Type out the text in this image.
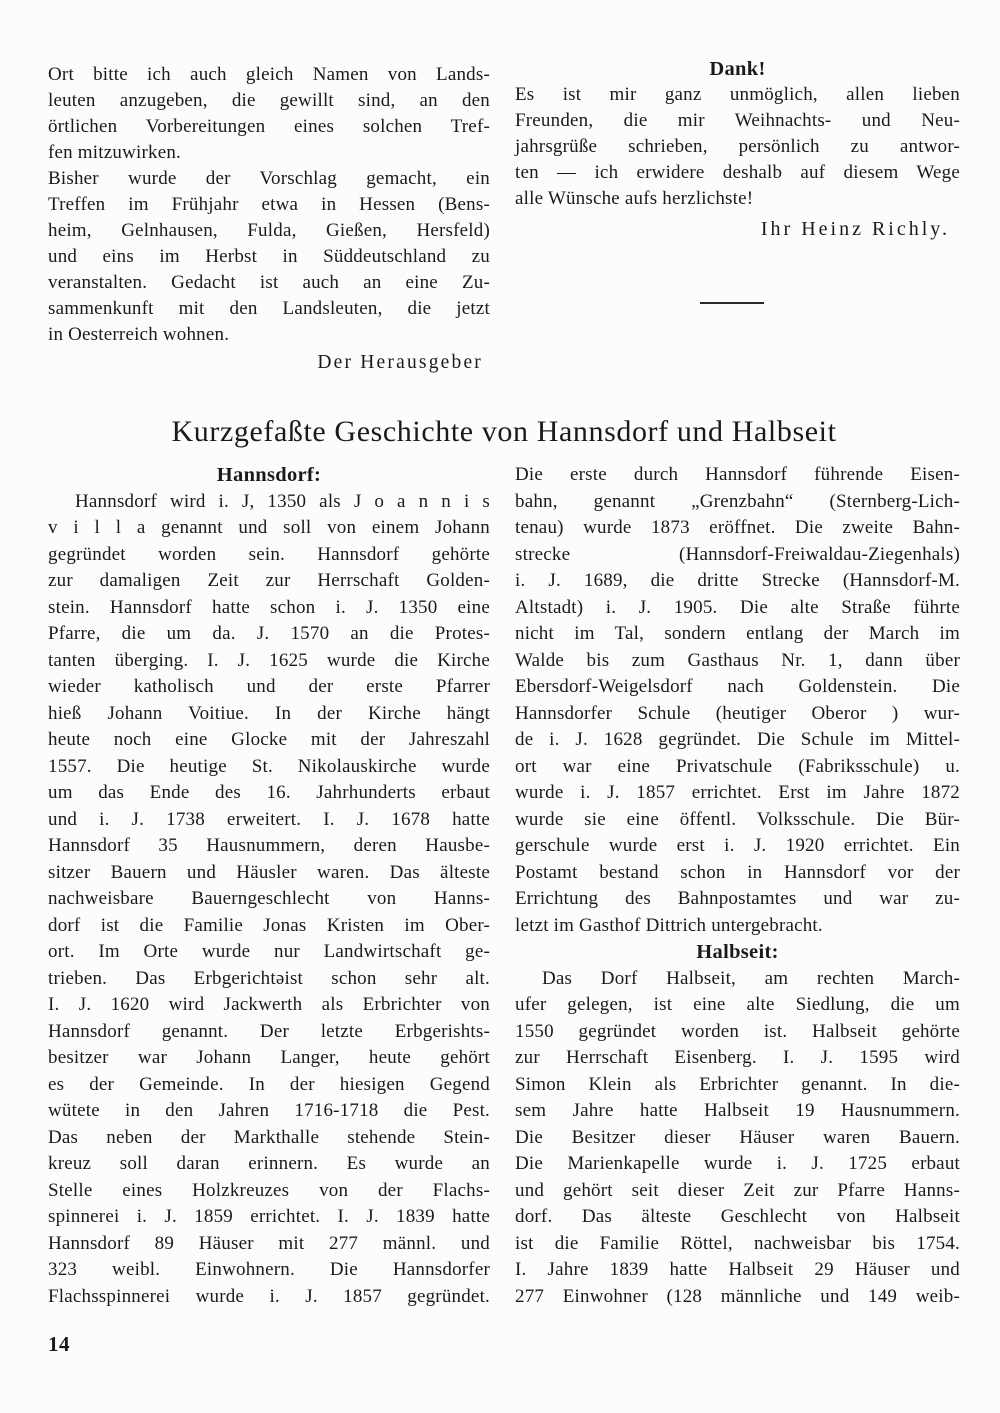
Ort bitte ich auch gleich Namen von Lands-
leuten anzugeben, die gewillt sind, an den
örtlichen Vorbereitungen eines solchen Tref-
fen mitzuwirken.
Bisher wurde der Vorschlag gemacht, ein
Treffen im Frühjahr etwa in Hessen (Bens-
heim, Gelnhausen, Fulda, Gießen, Hersfeld)
und eins im Herbst in Süddeutschland zu
veranstalten. Gedacht ist auch an eine Zu-
sammenkunft mit den Landsleuten, die jetzt
in Oesterreich wohnen.
Der Herausgeber
Dank!
Es ist mir ganz unmöglich, allen lieben
Freunden, die mir Weihnachts- und Neu-
jahrsgrüße schrieben, persönlich zu antwor-
ten — ich erwidere deshalb auf diesem Wege
alle Wünsche aufs herzlichste!
Ihr Heinz Richly.
Kurzgefaßte Geschichte von Hannsdorf und Halbseit
Hannsdorf:
Hannsdorf wird i. J, 1350 als J o a n n i s
v i l l a genannt und soll von einem Johann
gegründet worden sein. Hannsdorf gehörte
zur damaligen Zeit zur Herrschaft Golden-
stein. Hannsdorf hatte schon i. J. 1350 eine
Pfarre, die um da. J. 1570 an die Protes-
tanten überging. I. J. 1625 wurde die Kirche
wieder katholisch und der erste Pfarrer
hieß Johann Voitiue. In der Kirche hängt
heute noch eine Glocke mit der Jahreszahl
1557. Die heutige St. Nikolauskirche wurde
um das Ende des 16. Jahrhunderts erbaut
und i. J. 1738 erweitert. I. J. 1678 hatte
Hannsdorf 35 Hausnummern, deren Hausbe-
sitzer Bauern und Häusler waren. Das älteste
nachweisbare Bauerngeschlecht von Hanns-
dorf ist die Familie Jonas Kristen im Ober-
ort. Im Orte wurde nur Landwirtschaft ge-
trieben. Das Erbgerichtəist schon sehr alt.
I. J. 1620 wird Jackwerth als Erbrichter von
Hannsdorf genannt. Der letzte Erbgerishts-
besitzer war Johann Langer, heute gehört
es der Gemeinde. In der hiesigen Gegend
wütete in den Jahren 1716-1718 die Pest.
Das neben der Markthalle stehende Stein-
kreuz soll daran erinnern. Es wurde an
Stelle eines Holzkreuzes von der Flachs-
spinnerei i. J. 1859 errichtet. I. J. 1839 hatte
Hannsdorf 89 Häuser mit 277 männl. und
323 weibl. Einwohnern. Die Hannsdorfer
Flachsspinnerei wurde i. J. 1857 gegründet.
Die erste durch Hannsdorf führende Eisen-
bahn, genannt „Grenzbahn“ (Sternberg-Lich-
tenau) wurde 1873 eröffnet. Die zweite Bahn-
strecke (Hannsdorf-Freiwaldau-Ziegenhals)
i. J. 1689, die dritte Strecke (Hannsdorf-M.
Altstadt) i. J. 1905. Die alte Straße führte
nicht im Tal, sondern entlang der March im
Walde bis zum Gasthaus Nr. 1, dann über
Ebersdorf-Weigelsdorf nach Goldenstein. Die
Hannsdorfer Schule (heutiger Oberor ) wur-
de i. J. 1628 gegründet. Die Schule im Mittel-
ort war eine Privatschule (Fabriksschule) u.
wurde i. J. 1857 errichtet. Erst im Jahre 1872
wurde sie eine öffentl. Volksschule. Die Bür-
gerschule wurde erst i. J. 1920 errichtet. Ein
Postamt bestand schon in Hannsdorf vor der
Errichtung des Bahnpostamtes und war zu-
letzt im Gasthof Dittrich untergebracht.
Halbseit:
Das Dorf Halbseit, am rechten March-
ufer gelegen, ist eine alte Siedlung, die um
1550 gegründet worden ist. Halbseit gehörte
zur Herrschaft Eisenberg. I. J. 1595 wird
Simon Klein als Erbrichter genannt. In die-
sem Jahre hatte Halbseit 19 Hausnummern.
Die Besitzer dieser Häuser waren Bauern.
Die Marienkapelle wurde i. J. 1725 erbaut
und gehört seit dieser Zeit zur Pfarre Hanns-
dorf. Das älteste Geschlecht von Halbseit
ist die Familie Röttel, nachweisbar bis 1754.
I. Jahre 1839 hatte Halbseit 29 Häuser und
277 Einwohner (128 männliche und 149 weib-
14
